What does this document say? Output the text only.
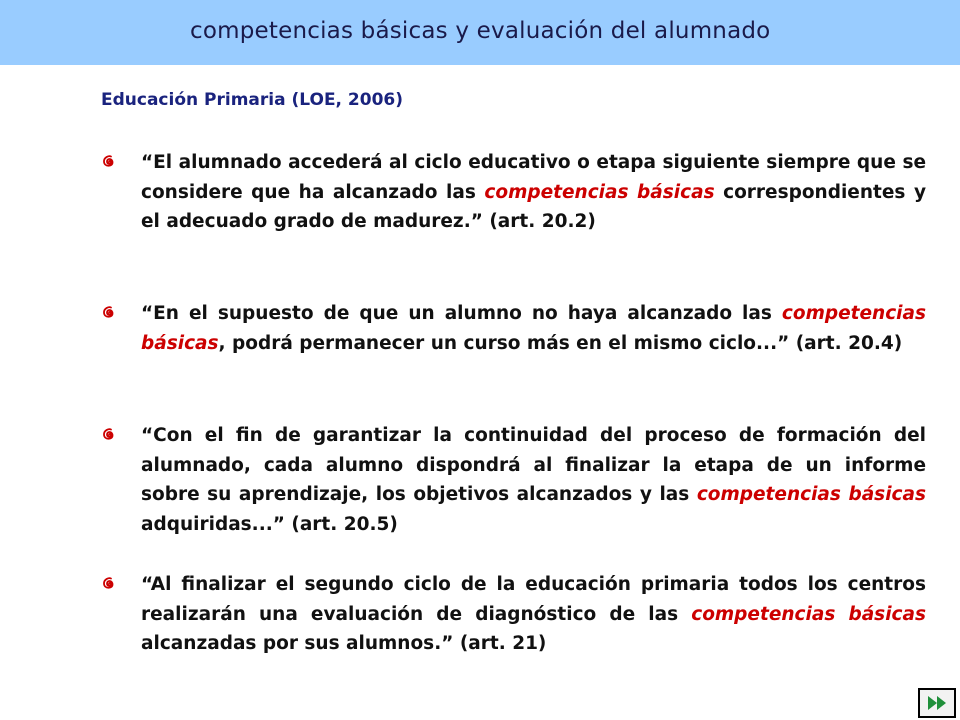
competencias básicas y evaluación del alumnado
Educación Primaria (LOE, 2006)

“El alumnado accederá al ciclo educativo o etapa siguiente siempre que se considere que ha alcanzado las competencias básicas correspondientes y el adecuado grado de madurez.” (art. 20.2)

“En el supuesto de que un alumno no haya alcanzado las competencias básicas, podrá permanecer un curso más en el mismo ciclo...” (art. 20.4)

“Con el fin de garantizar la continuidad del proceso de formación del alumnado, cada alumno dispondrá al finalizar la etapa de un informe sobre su aprendizaje, los objetivos alcanzados y las competencias básicas adquiridas...” (art. 20.5)

“Al finalizar el segundo ciclo de la educación primaria todos los centros realizarán una evaluación de diagnóstico de las competencias básicas alcanzadas por sus alumnos.” (art. 21)
